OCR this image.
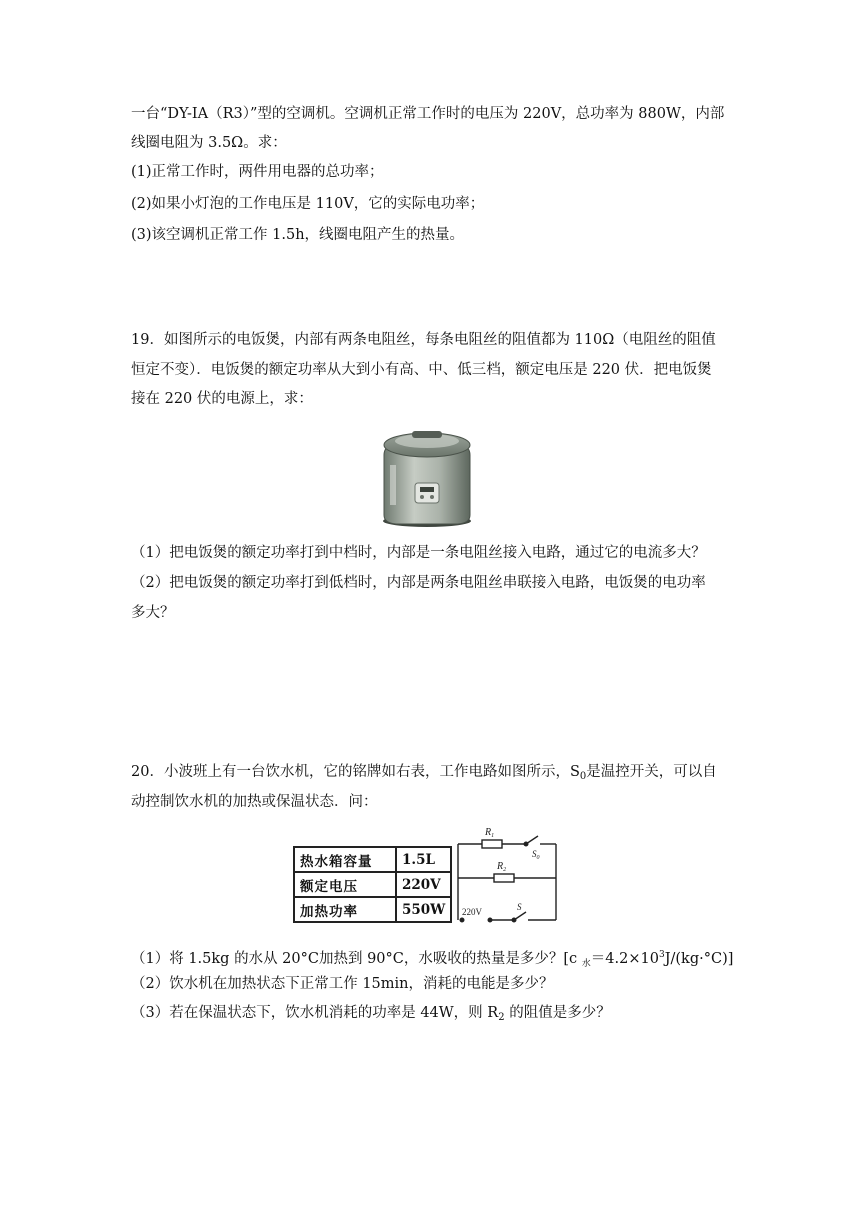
一台“DY-IA（R3）”型的空调机。空调机正常工作时的电压为 220V，总功率为 880W，内部
线圈电阻为 3.5Ω。求：
(1)正常工作时，两件用电器的总功率；
(2)如果小灯泡的工作电压是 110V，它的实际电功率；
(3)该空调机正常工作 1.5h，线圈电阻产生的热量。
19．如图所示的电饭煲，内部有两条电阻丝，每条电阻丝的阻值都为 110Ω（电阻丝的阻值
恒定不变）．电饭煲的额定功率从大到小有高、中、低三档，额定电压是 220 伏．把电饭煲
接在 220 伏的电源上，求：
（1）把电饭煲的额定功率打到中档时，内部是一条电阻丝接入电路，通过它的电流多大？
（2）把电饭煲的额定功率打到低档时，内部是两条电阻丝串联接入电路，电饭煲的电功率
多大？
20．小波班上有一台饮水机，它的铭牌如右表，工作电路如图所示，$S_0$是温控开关，可以自
动控制饮水机的加热或保温状态．问：
热水箱容量	1.5L
额定电压	220V
加热功率	550W
$R_1$
$S_0$
$R_2$
220V	S
（1）将 1.5kg 的水从 20°C加热到 90°C，水吸收的热量是多少？[c $_水=4.2\times 10^3J/(kg\cdot^\circ C)$]
（2）饮水机在加热状态下正常工作 15min，消耗的电能是多少？
（3）若在保温状态下，饮水机消耗的功率是 44W，则 $R_2$ 的阻值是多少？
